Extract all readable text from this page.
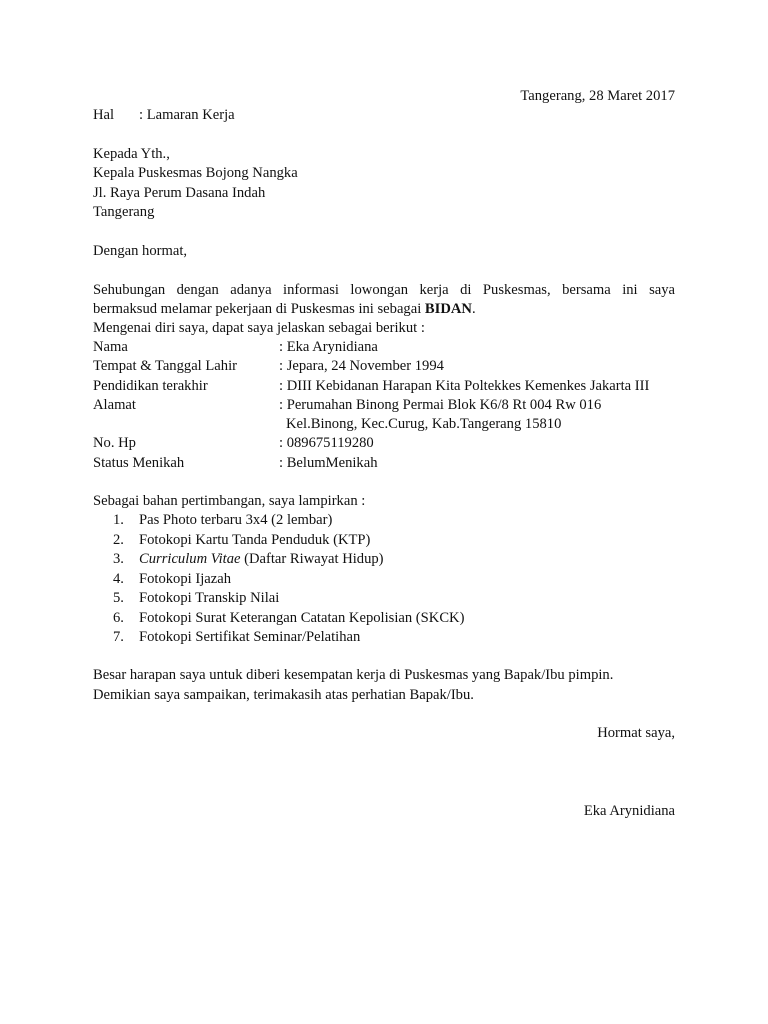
Tangerang, 28 Maret 2017
Hal : Lamaran Kerja
Kepada Yth.,
Kepala Puskesmas Bojong Nangka
Jl. Raya Perum Dasana Indah
Tangerang
Dengan hormat,
Sehubungan dengan adanya informasi lowongan kerja di Puskesmas, bersama ini saya
bermaksud melamar pekerjaan di Puskesmas ini sebagai BIDAN.
Mengenai diri saya, dapat saya jelaskan sebagai berikut :
Nama	: Eka Arynidiana
Tempat & Tanggal Lahir	: Jepara, 24 November 1994
Pendidikan terakhir	: DIII Kebidanan Harapan Kita Poltekkes Kemenkes Jakarta III
Alamat	: Perumahan Binong Permai Blok K6/8 Rt 004 Rw 016
Kel.Binong, Kec.Curug, Kab.Tangerang 15810
No. Hp	: 089675119280
Status Menikah	: BelumMenikah
Sebagai bahan pertimbangan, saya lampirkan :
1. Pas Photo terbaru 3x4 (2 lembar)
2. Fotokopi Kartu Tanda Penduduk (KTP)
3. Curriculum Vitae (Daftar Riwayat Hidup)
4. Fotokopi Ijazah
5. Fotokopi Transkip Nilai
6. Fotokopi Surat Keterangan Catatan Kepolisian (SKCK)
7. Fotokopi Sertifikat Seminar/Pelatihan
Besar harapan saya untuk diberi kesempatan kerja di Puskesmas yang Bapak/Ibu pimpin.
Demikian saya sampaikan, terimakasih atas perhatian Bapak/Ibu.
Hormat saya,
Eka Arynidiana
